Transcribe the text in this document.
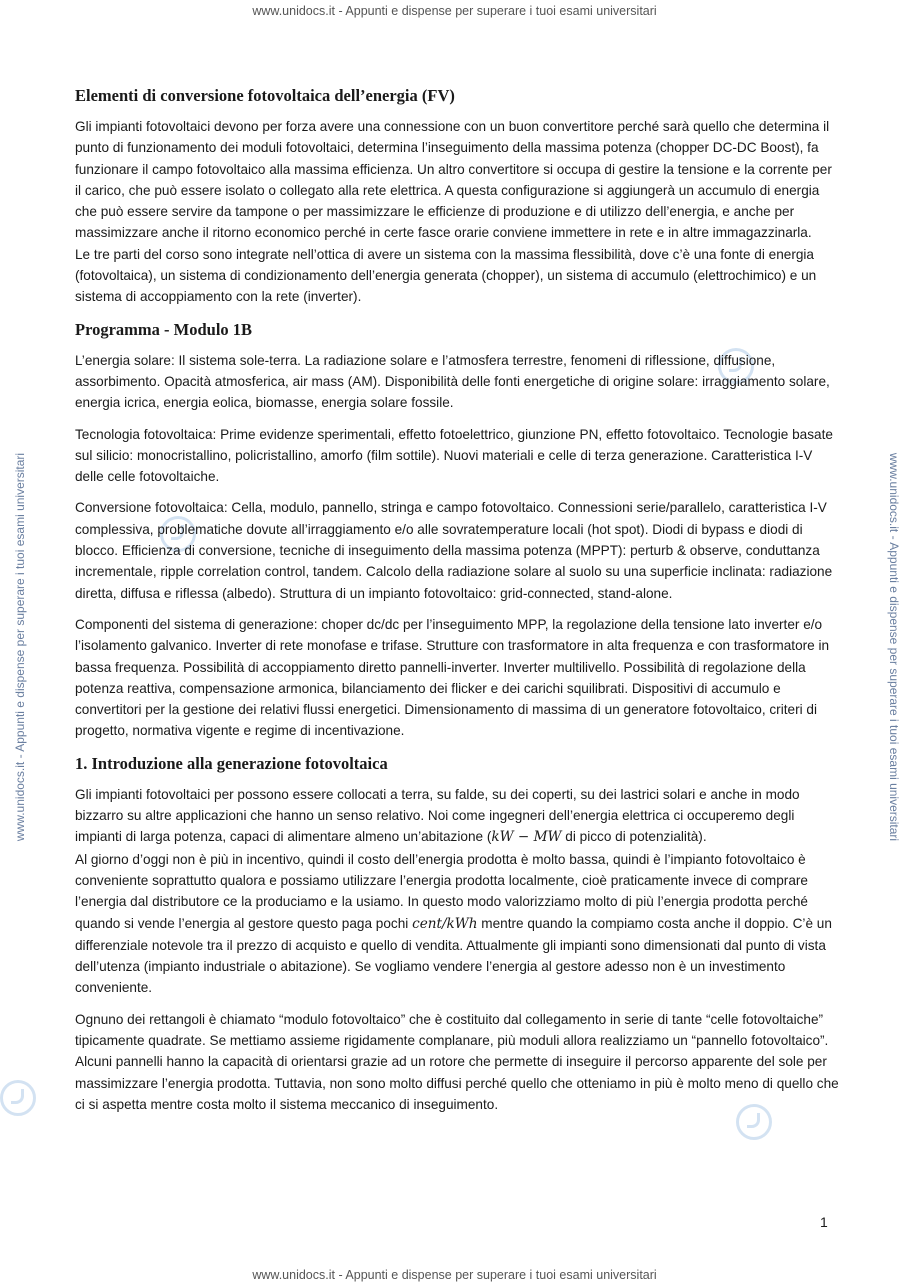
www.unidocs.it - Appunti e dispense per superare i tuoi esami universitari
www.unidocs.it - Appunti e dispense per superare i tuoi esami universitari	www.unidocs.it - Appunti e dispense per superare i tuoi esami universitari
Elementi di conversione fotovoltaica dell’energia (FV)

Gli impianti fotovoltaici devono per forza avere una connessione con un buon convertitore perché sarà quello che determina il punto di funzionamento dei moduli fotovoltaici, determina l’inseguimento della massima potenza (chopper DC-DC Boost), fa funzionare il campo fotovoltaico alla massima efficienza. Un altro convertitore si occupa di gestire la tensione e la corrente per il carico, che può essere isolato o collegato alla rete elettrica. A questa configurazione si aggiungerà un accumulo di energia che può essere servire da tampone o per massimizzare le efficienze di produzione e di utilizzo dell’energia, e anche per massimizzare anche il ritorno economico perché in certe fasce orarie conviene immettere in rete e in altre immagazzinarla.

Le tre parti del corso sono integrate nell’ottica di avere un sistema con la massima flessibilità, dove c’è una fonte di energia (fotovoltaica), un sistema di condizionamento dell’energia generata (chopper), un sistema di accumulo (elettrochimico) e un sistema di accoppiamento con la rete (inverter).

Programma - Modulo 1B

L’energia solare: Il sistema sole-terra. La radiazione solare e l’atmosfera terrestre, fenomeni di riflessione, diffusione, assorbimento. Opacità atmosferica, air mass (AM). Disponibilità delle fonti energetiche di origine solare: irraggiamento solare, energia icrica, energia eolica, biomasse, energia solare fossile.

Tecnologia fotovoltaica: Prime evidenze sperimentali, effetto fotoelettrico, giunzione PN, effetto fotovoltaico. Tecnologie basate sul silicio: monocristallino, policristallino, amorfo (film sottile). Nuovi materiali e celle di terza generazione. Caratteristica I-V delle celle fotovoltaiche.

Conversione fotovoltaica: Cella, modulo, pannello, stringa e campo fotovoltaico. Connessioni serie/parallelo, caratteristica I-V complessiva, problematiche dovute all’irraggiamento e/o alle sovratemperature locali (hot spot). Diodi di bypass e diodi di blocco. Efficienza di conversione, tecniche di inseguimento della massima potenza (MPPT): perturb & observe, conduttanza incrementale, ripple correlation control, tandem. Calcolo della radiazione solare al suolo su una superficie inclinata: radiazione diretta, diffusa e riflessa (albedo). Struttura di un impianto fotovoltaico: grid-connected, stand-alone.

Componenti del sistema di generazione: choper dc/dc per l’inseguimento MPP, la regolazione della tensione lato inverter e/o l’isolamento galvanico. Inverter di rete monofase e trifase. Strutture con trasformatore in alta frequenza e con trasformatore in bassa frequenza. Possibilità di accoppiamento diretto pannelli-inverter. Inverter multilivello. Possibilità di regolazione della potenza reattiva, compensazione armonica, bilanciamento dei flicker e dei carichi squilibrati. Dispositivi di accumulo e convertitori per la gestione dei relativi flussi energetici. Dimensionamento di massima di un generatore fotovoltaico, criteri di progetto, normativa vigente e regime di incentivazione.

1. Introduzione alla generazione fotovoltaica

Gli impianti fotovoltaici per possono essere collocati a terra, su falde, su dei coperti, su dei lastrici solari e anche in modo bizzarro su altre applicazioni che hanno un senso relativo. Noi come ingegneri dell’energia elettrica ci occuperemo degli impianti di larga potenza, capaci di alimentare almeno un’abitazione (kW − MW di picco di potenzialità).

Al giorno d’oggi non è più in incentivo, quindi il costo dell’energia prodotta è molto bassa, quindi è l’impianto fotovoltaico è conveniente soprattutto qualora e possiamo utilizzare l’energia prodotta localmente, cioè praticamente invece di comprare l’energia dal distributore ce la produciamo e la usiamo. In questo modo valorizziamo molto di più l’energia prodotta perché quando si vende l’energia al gestore questo paga pochi cent/kWh mentre quando la compiamo costa anche il doppio. C’è un differenziale notevole tra il prezzo di acquisto e quello di vendita. Attualmente gli impianti sono dimensionati dal punto di vista dell’utenza (impianto industriale o abitazione). Se vogliamo vendere l’energia al gestore adesso non è un investimento conveniente.

Ognuno dei rettangoli è chiamato “modulo fotovoltaico” che è costituito dal collegamento in serie di tante “celle fotovoltaiche” tipicamente quadrate. Se mettiamo assieme rigidamente complanare, più moduli allora realizziamo un “pannello fotovoltaico”. Alcuni pannelli hanno la capacità di orientarsi grazie ad un rotore che permette di inseguire il percorso apparente del sole per massimizzare l’energia prodotta. Tuttavia, non sono molto diffusi perché quello che otteniamo in più è molto meno di quello che ci si aspetta mentre costa molto il sistema meccanico di inseguimento.

1
www.unidocs.it - Appunti e dispense per superare i tuoi esami universitari
